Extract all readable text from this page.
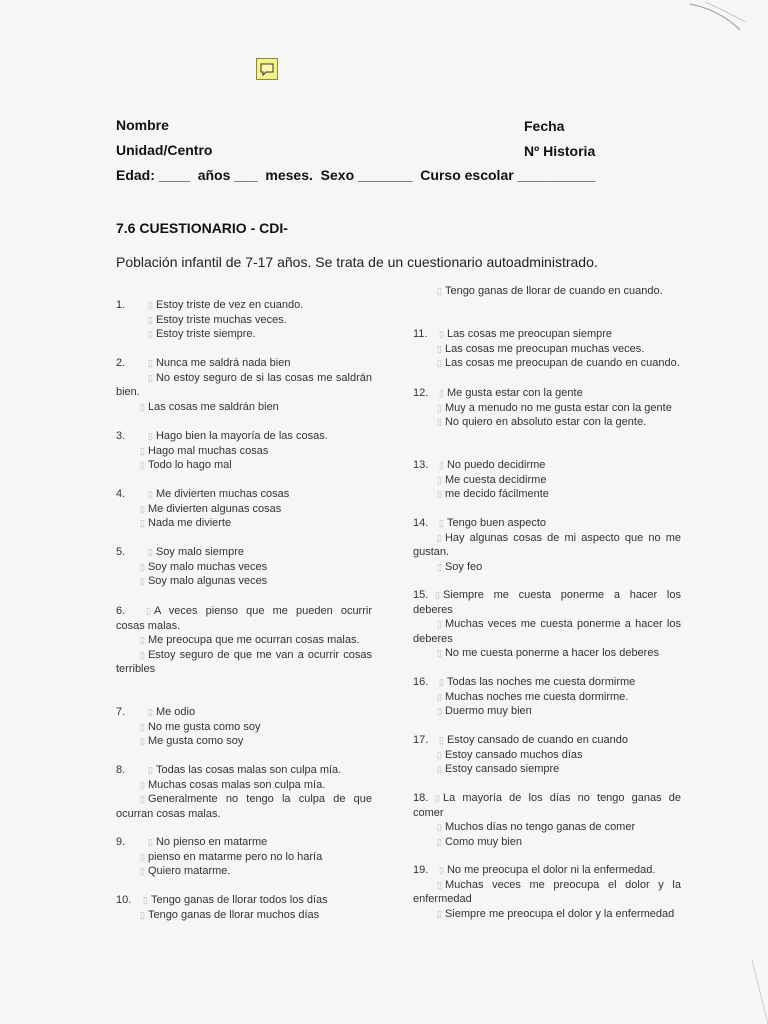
Nombre	Fecha
Unidad/Centro	Nº Historia
Edad: ____  años ___  meses.  Sexo _______  Curso escolar __________
7.6 CUESTIONARIO - CDI-
Población infantil de 7-17 años. Se trata de un cuestionario autoadministrado.
1. ▯	Estoy triste de vez en cuando.
▯ Estoy triste muchas veces.
▯ Estoy triste siempre.
2. ▯	Nunca me saldrá nada bien
▯ No estoy seguro de si las cosas me saldrán bien.
▯ Las cosas me saldrán bien
3. ▯	Hago bien la mayoría de las cosas.
▯ Hago mal muchas cosas
▯ Todo lo hago mal
4. ▯	Me divierten muchas cosas
▯ Me divierten algunas cosas
▯ Nada me divierte
5. ▯	Soy malo siempre
▯ Soy malo muchas veces
▯ Soy malo algunas veces
6. ▯	A veces pienso que me pueden ocurrir cosas malas.
▯ Me preocupa que me ocurran cosas malas.
▯ Estoy seguro de que me van a ocurrir cosas terribles
7. ▯	Me odio
▯ No me gusta como soy
▯ Me gusta como soy
8. ▯	Todas las cosas malas son culpa mía.
▯ Muchas cosas malas son culpa mía.
▯ Generalmente no tengo la culpa de que ocurran cosas malas.
9. ▯	No pienso en matarme
▯ pienso en matarme pero no lo haría
▯ Quiero matarme.
10. ▯ Tengo ganas de llorar todos los días
▯ Tengo ganas de llorar muchos días
▯ Tengo ganas de llorar de cuando en cuando.
11. ▯ Las cosas me preocupan siempre
▯ Las cosas me preocupan muchas veces.
▯ Las cosas me preocupan de cuando en cuando.
12. ▯ Me gusta estar con la gente
▯ Muy a menudo no me gusta estar con la gente
▯ No quiero en absoluto estar con la gente.
13. ▯ No puedo decidirme
▯ Me cuesta decidirme
▯ me decido fácilmente
14. ▯ Tengo buen aspecto
▯ Hay algunas cosas de mi aspecto que no me gustan.
▯ Soy feo
15. ▯ Siempre me cuesta ponerme a hacer los deberes
▯ Muchas veces me cuesta ponerme a hacer los deberes
▯ No me cuesta ponerme a hacer los deberes
16. ▯ Todas las noches me cuesta dormirme
▯ Muchas noches me cuesta dormirme.
▯ Duermo muy bien
17. ▯ Estoy cansado de cuando en cuando
▯ Estoy cansado muchos días
▯ Estoy cansado siempre
18. ▯ La mayoría de los días no tengo ganas de comer
▯ Muchos días no tengo ganas de comer
▯ Como muy bien
19. ▯ No me preocupa el dolor ni la enfermedad.
▯ Muchas veces me preocupa el dolor y la enfermedad
▯ Siempre me preocupa el dolor y la enfermedad
